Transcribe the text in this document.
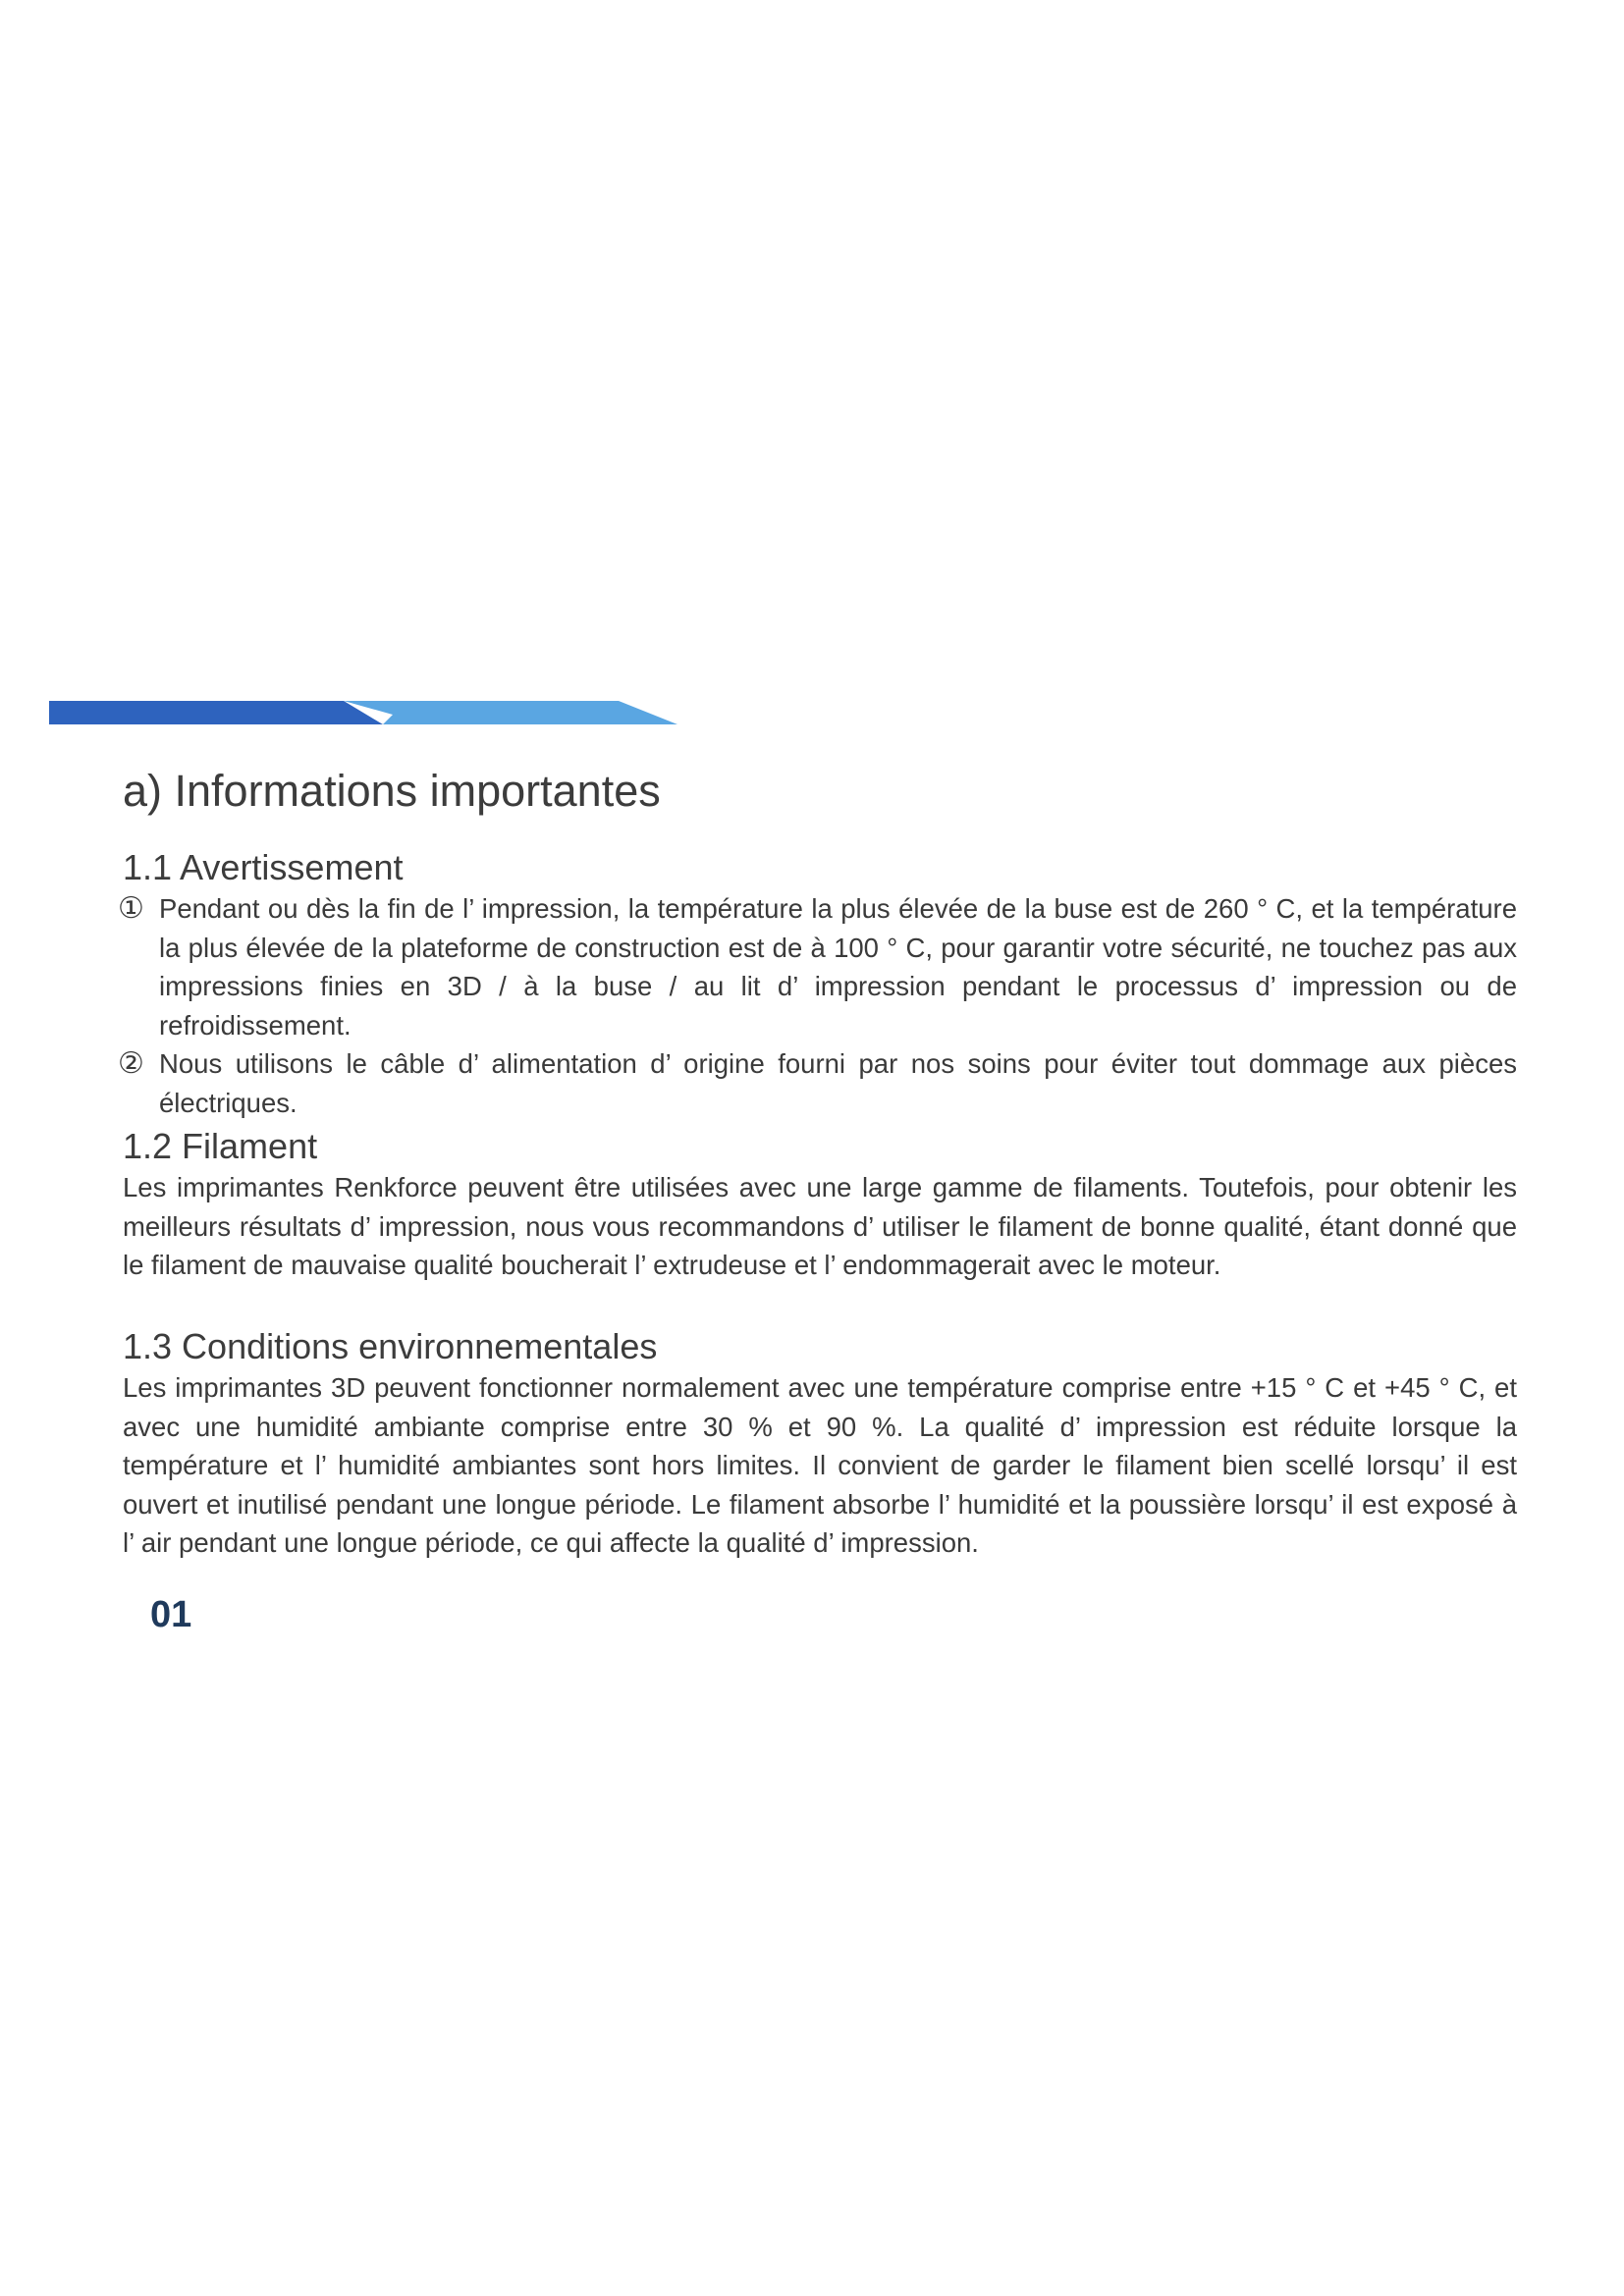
a) Informations importantes
1.1 Avertissement

① Pendant ou dès la fin de l’ impression, la température la plus élevée de la buse est de 260 ° C, et la température la plus élevée de la plateforme de construction est de à 100 ° C, pour garantir votre sécurité, ne touchez pas aux impressions finies en 3D / à la buse / au lit d’ impression pendant le processus d’ impression ou de refroidissement.

② Nous utilisons le câble d’ alimentation d’ origine fourni par nos soins pour éviter tout dommage aux pièces électriques.

1.2 Filament

Les imprimantes Renkforce peuvent être utilisées avec une large gamme de filaments. Toutefois, pour obtenir les meilleurs résultats d’ impression, nous vous recommandons d’ utiliser le filament de bonne qualité, étant donné que le filament de mauvaise qualité boucherait l’ extrudeuse et l’ endommagerait avec le moteur.

1.3 Conditions environnementales

Les imprimantes 3D peuvent fonctionner normalement avec une température comprise entre +15 ° C et +45 ° C, et avec une humidité ambiante comprise entre 30 % et 90 %. La qualité d’ impression est réduite lorsque la température et l’ humidité ambiantes sont hors limites. Il convient de garder le filament bien scellé lorsqu’ il est ouvert et inutilisé pendant une longue période. Le filament absorbe l’ humidité et la poussière lorsqu’ il est exposé à l’ air pendant une longue période, ce qui affecte la qualité d’ impression.

01
